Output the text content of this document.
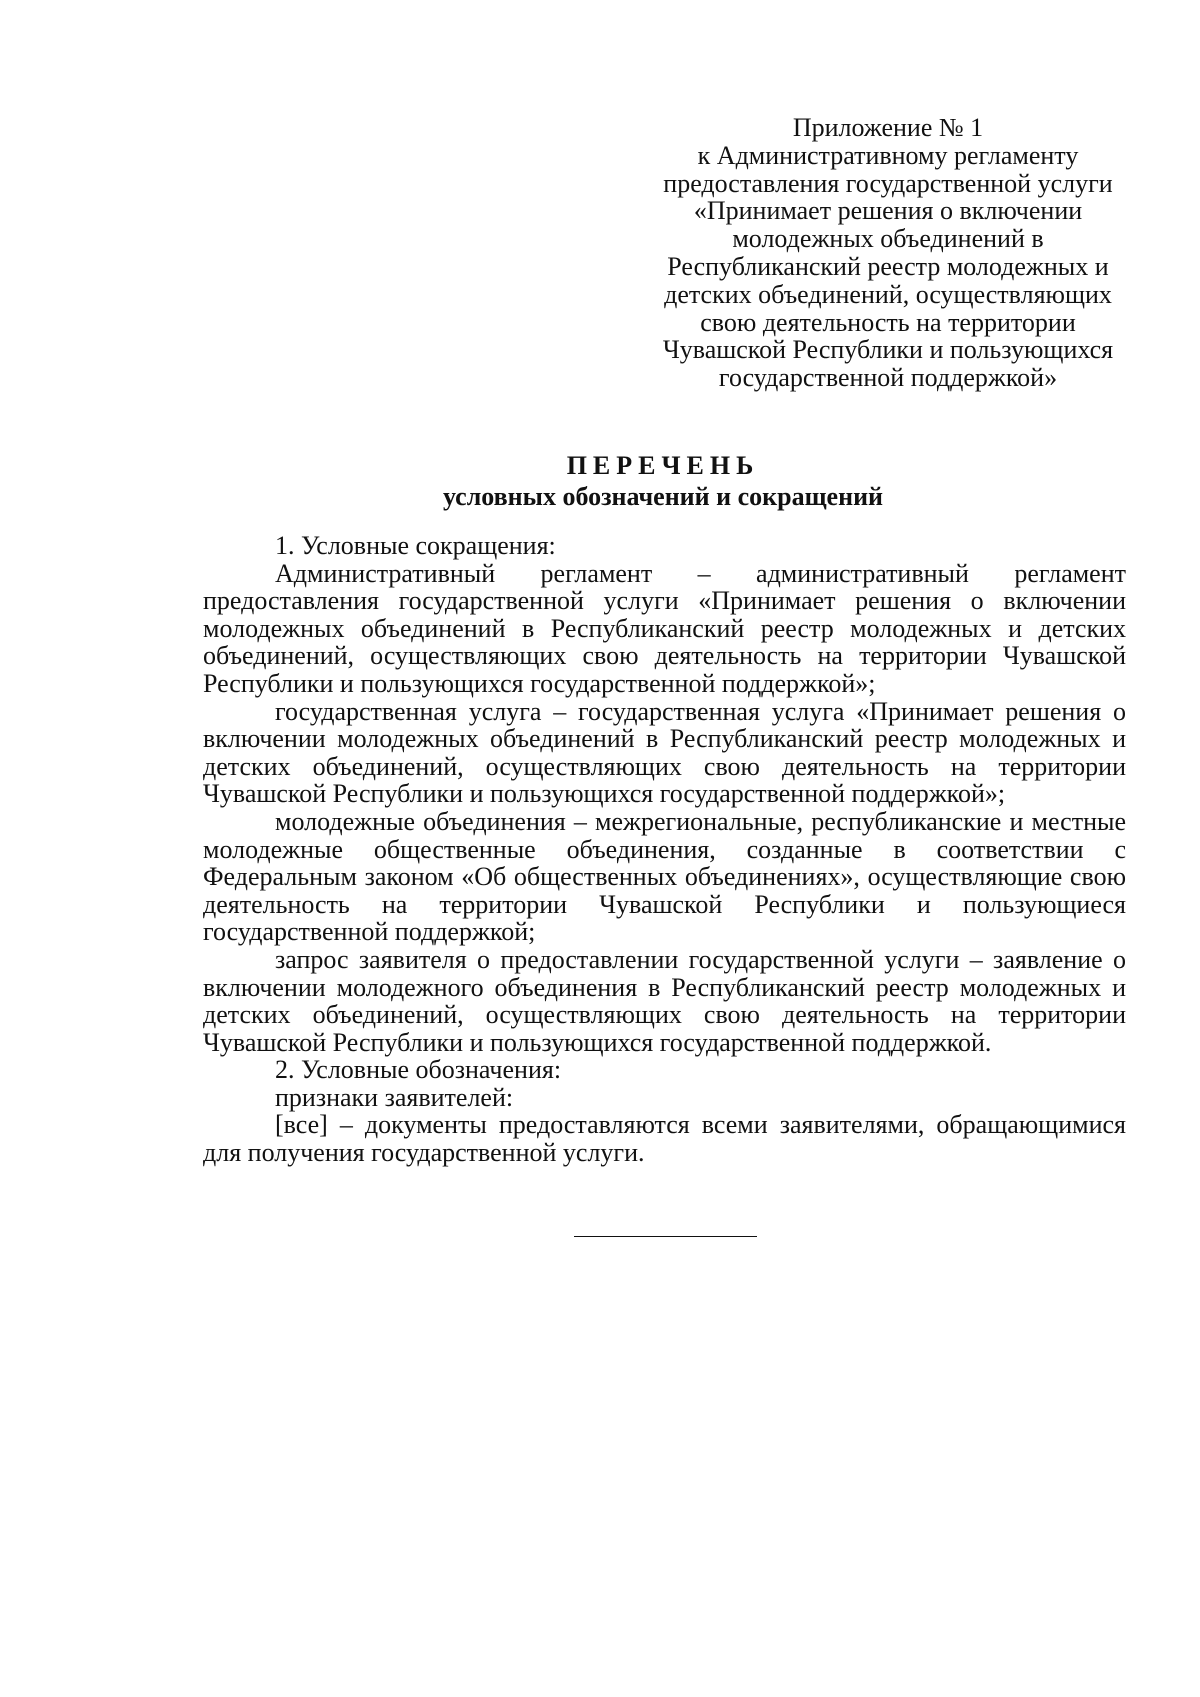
Приложение № 1
к Административному регламенту
предоставления государственной услуги
«Принимает решения о включении
молодежных объединений в
Республиканский реестр молодежных и
детских объединений, осуществляющих
свою деятельность на территории
Чувашской Республики и пользующихся
государственной поддержкой»
ПЕРЕЧЕНЬ
условных обозначений и сокращений

1. Условные сокращения:

Административный регламент – административный регламент предоставления государственной услуги «Принимает решения о включении молодежных объединений в Республиканский реестр молодежных и детских объединений, осуществляющих свою деятельность на территории Чувашской Республики и пользующихся государственной поддержкой»;

государственная услуга – государственная услуга «Принимает решения о включении молодежных объединений в Республиканский реестр молодежных и детских объединений, осуществляющих свою деятельность на территории Чувашской Республики и пользующихся государственной поддержкой»;

молодежные объединения – межрегиональные, республиканские и местные молодежные общественные объединения, созданные в соответствии с Федеральным законом «Об общественных объединениях», осуществляющие свою деятельность на территории Чувашской Республики и пользующиеся государственной поддержкой;

запрос заявителя о предоставлении государственной услуги – заявление о включении молодежного объединения в Республиканский реестр молодежных и детских объединений, осуществляющих свою деятельность на территории Чувашской Республики и пользующихся государственной поддержкой.

2. Условные обозначения:

признаки заявителей:

[все] – документы предоставляются всеми заявителями, обращающимися для получения государственной услуги.
